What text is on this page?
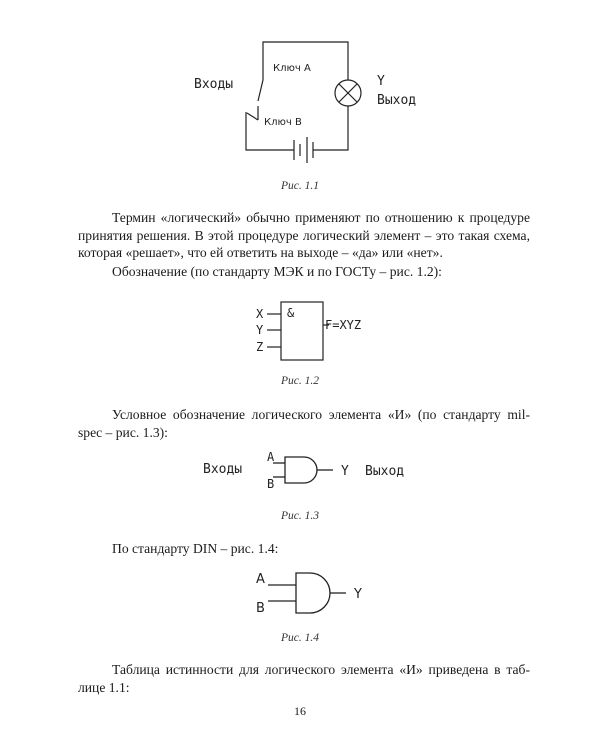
Входы
Ключ А
Ключ В
Y
Выход
Рис. 1.1
Термин «логический» обычно применяют по отношению к процедуре
принятия решения. В этой процедуре логический элемент – это такая схема,
которая «решает», что ей ответить на выходе – «да» или «нет».
Обозначение (по стандарту МЭК и по ГОСТу – рис. 1.2):
X
Y
Z
&
F=XYZ
Рис. 1.2
Условное обозначение логического элемента «И» (по стандарту mil-
spec – рис. 1.3):
Входы
A
B
Y Выход
Рис. 1.3
По стандарту DIN – рис. 1.4:
A
B
Y
Рис. 1.4
Таблица истинности для логического элемента «И» приведена в таб-
лице 1.1:
16
